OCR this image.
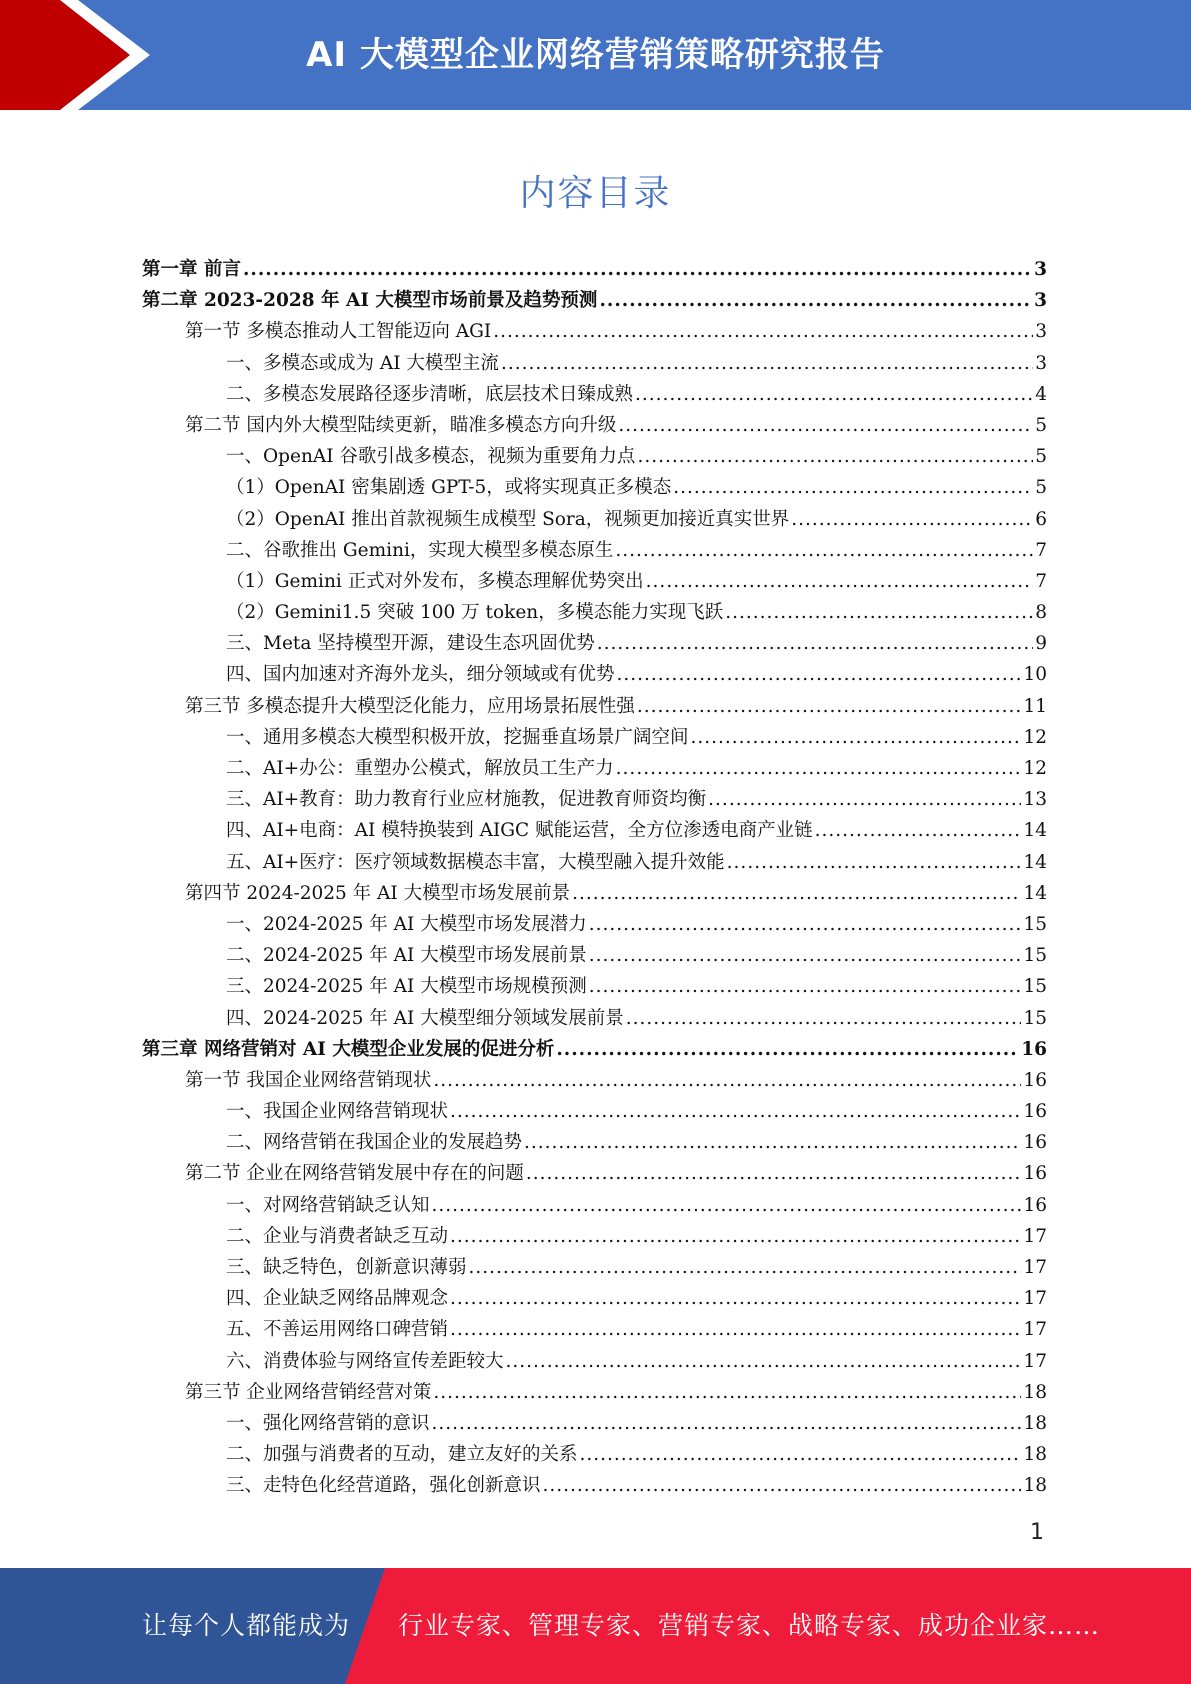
AI 大模型企业网络营销策略研究报告
内容目录
第一章 前言 .....	3
第二章 2023-2028 年 AI 大模型市场前景及趋势预测 .....	3
第一节 多模态推动人工智能迈向 AGI .....	3
一、多模态或成为 AI 大模型主流 .....	3
二、多模态发展路径逐步清晰，底层技术日臻成熟 .....	4
第二节 国内外大模型陆续更新，瞄准多模态方向升级 .....	5
一、OpenAI 谷歌引战多模态，视频为重要角力点 .....	5
（1）OpenAI 密集剧透 GPT-5，或将实现真正多模态 .....	5
（2）OpenAI 推出首款视频生成模型 Sora，视频更加接近真实世界 .....	6
二、谷歌推出 Gemini，实现大模型多模态原生 .....	7
（1）Gemini 正式对外发布，多模态理解优势突出 .....	7
（2）Gemini1.5 突破 100 万 token，多模态能力实现飞跃 .....	8
三、Meta 坚持模型开源，建设生态巩固优势 .....	9
四、国内加速对齐海外龙头，细分领域或有优势 .....	10
第三节 多模态提升大模型泛化能力，应用场景拓展性强 .....	11
一、通用多模态大模型积极开放，挖掘垂直场景广阔空间 .....	12
二、AI+办公：重塑办公模式，解放员工生产力 .....	12
三、AI+教育：助力教育行业应材施教，促进教育师资均衡 .....	13
四、AI+电商：AI 模特换装到 AIGC 赋能运营，全方位渗透电商产业链 .....	14
五、AI+医疗：医疗领域数据模态丰富，大模型融入提升效能 .....	14
第四节 2024-2025 年 AI 大模型市场发展前景 .....	14
一、2024-2025 年 AI 大模型市场发展潜力 .....	15
二、2024-2025 年 AI 大模型市场发展前景 .....	15
三、2024-2025 年 AI 大模型市场规模预测 .....	15
四、2024-2025 年 AI 大模型细分领域发展前景 .....	15
第三章 网络营销对 AI 大模型企业发展的促进分析 .....	16
第一节 我国企业网络营销现状 .....	16
一、我国企业网络营销现状 .....	16
二、网络营销在我国企业的发展趋势 .....	16
第二节 企业在网络营销发展中存在的问题 .....	16
一、对网络营销缺乏认知 .....	16
二、企业与消费者缺乏互动 .....	17
三、缺乏特色，创新意识薄弱 .....	17
四、企业缺乏网络品牌观念 .....	17
五、不善运用网络口碑营销 .....	17
六、消费体验与网络宣传差距较大 .....	17
第三节 企业网络营销经营对策 .....	18
一、强化网络营销的意识 .....	18
二、加强与消费者的互动，建立友好的关系 .....	18
三、走特色化经营道路，强化创新意识 .....	18
1
让每个人都能成为 行业专家、管理专家、营销专家、战略专家、成功企业家……
